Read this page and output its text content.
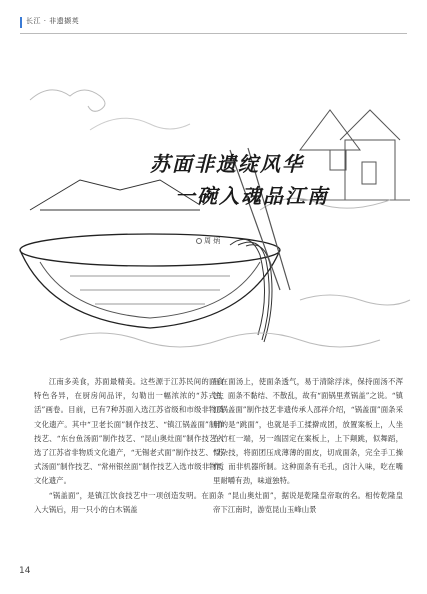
长江 · 非遗撷英
苏面非遗绽风华
一碗入魂品江南
周 炳

江南多美食，苏面最精美。这些源于江苏民间的面食特色各异，在厨房间品评，勾勒出一幅浓浓的“苏式生活”画卷。目前，已有7种苏面入选江苏省级和市级非物质文化遗产。其中“卫老长面”制作技艺、“镇江锅盖面”制作技艺、“东台鱼汤面”制作技艺、“昆山奥灶面”制作技艺入选了江苏省非物质文化遗产，“无锡老式面”制作技艺、“苏式汤面”制作技艺、“常州银丝面”制作技艺入选市级非物质文化遗产。

“锅盖面”，是镇江饮食技艺中一项创造发明。在面条入大锅后，用一只小的白木锅盖

压在面汤上，使面条透气，易于清除浮沫，保持面汤不浑浊，面条不黏结、不散乱，故有“面锅里煮锅盖”之说。“镇江锅盖面”制作技艺非遗传承人邵祥介绍，“锅盖面”面条采用的是“跳面”，也就是手工揉擀成团，放置案板上，人坐在竹杠一端，另一端固定在案板上，上下颠跳，似舞蹈，似杂技，将面团压成薄薄的面皮，切成面条，完全手工操作，而非机器所制。这种面条有毛孔，卤汁入味，吃在嘴里耐嚼有劲，味道独特。

“昆山奥灶面”，据说是乾隆皇帝取的名。相传乾隆皇帝下江南时，游览昆山玉峰山景

14
